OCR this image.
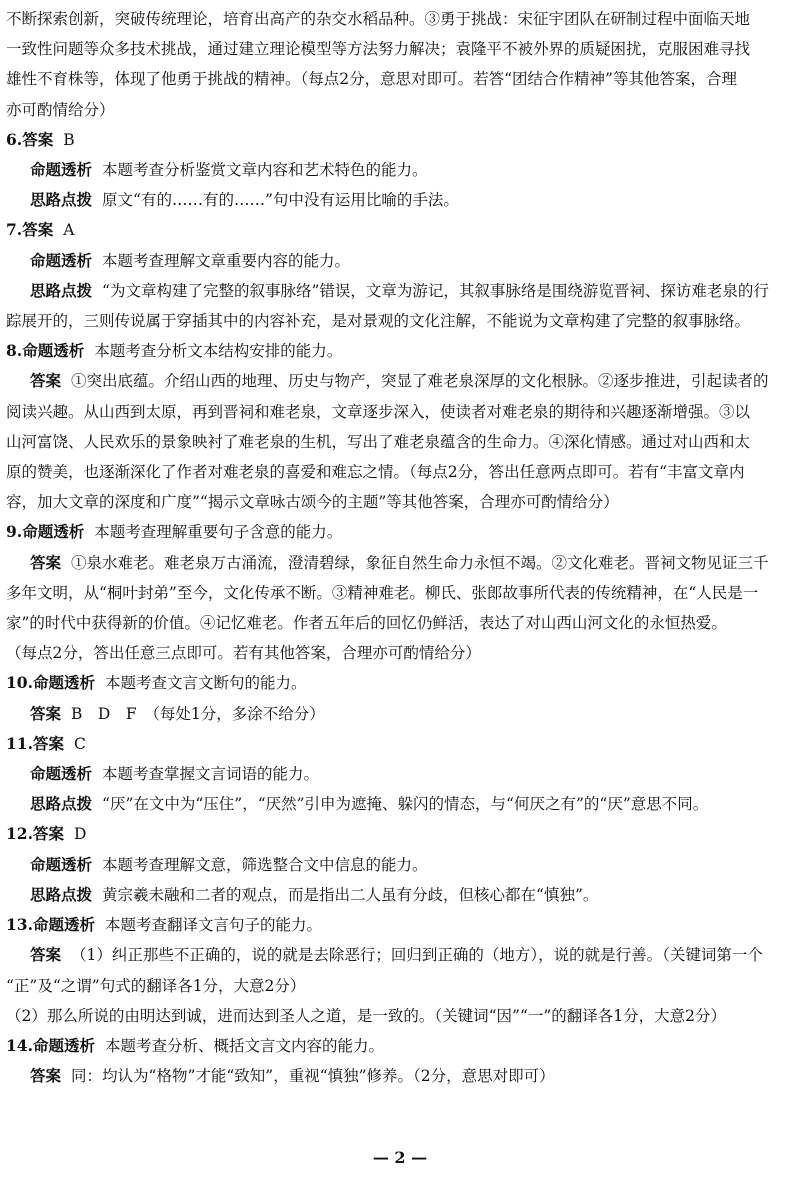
不断探索创新，突破传统理论，培育出高产的杂交水稻品种。③勇于挑战：宋征宇团队在研制过程中面临天地
一致性问题等众多技术挑战，通过建立理论模型等方法努力解决；袁隆平不被外界的质疑困扰，克服困难寻找
雄性不育株等，体现了他勇于挑战的精神。（每点2分，意思对即可。若答“团结合作精神”等其他答案，合理
亦可酌情给分）
6.答案 B
命题透析 本题考查分析鉴赏文章内容和艺术特色的能力。
思路点拨 原文“有的……有的……”句中没有运用比喻的手法。
7.答案 A
命题透析 本题考查理解文章重要内容的能力。
思路点拨 “为文章构建了完整的叙事脉络”错误，文章为游记，其叙事脉络是围绕游览晋祠、探访难老泉的行
踪展开的，三则传说属于穿插其中的内容补充，是对景观的文化注解，不能说为文章构建了完整的叙事脉络。
8.命题透析 本题考查分析文本结构安排的能力。
答案 ①突出底蕴。介绍山西的地理、历史与物产，突显了难老泉深厚的文化根脉。②逐步推进，引起读者的
阅读兴趣。从山西到太原，再到晋祠和难老泉，文章逐步深入，使读者对难老泉的期待和兴趣逐渐增强。③以
山河富饶、人民欢乐的景象映衬了难老泉的生机，写出了难老泉蕴含的生命力。④深化情感。通过对山西和太
原的赞美，也逐渐深化了作者对难老泉的喜爱和难忘之情。（每点2分，答出任意两点即可。若有“丰富文章内
容，加大文章的深度和广度”“揭示文章咏古颂今的主题”等其他答案，合理亦可酌情给分）
9.命题透析 本题考查理解重要句子含意的能力。
答案 ①泉水难老。难老泉万古涌流，澄清碧绿，象征自然生命力永恒不竭。②文化难老。晋祠文物见证三千
多年文明，从“桐叶封弟”至今，文化传承不断。③精神难老。柳氏、张郎故事所代表的传统精神，在“人民是一
家”的时代中获得新的价值。④记忆难老。作者五年后的回忆仍鲜活，表达了对山西山河文化的永恒热爱。
（每点2分，答出任意三点即可。若有其他答案，合理亦可酌情给分）
10.命题透析 本题考查文言文断句的能力。
答案 B　D　F　（每处1分，多涂不给分）
11.答案 C
命题透析 本题考查掌握文言词语的能力。
思路点拨 “厌”在文中为“压住”，“厌然”引申为遮掩、躲闪的情态，与“何厌之有”的“厌”意思不同。
12.答案 D
命题透析 本题考查理解文意，筛选整合文中信息的能力。
思路点拨 黄宗羲未融和二者的观点，而是指出二人虽有分歧，但核心都在“慎独”。
13.命题透析 本题考查翻译文言句子的能力。
答案 （1）纠正那些不正确的，说的就是去除恶行；回归到正确的（地方），说的就是行善。（关键词第一个
“正”及“之谓”句式的翻译各1分，大意2分）
（2）那么所说的由明达到诚，进而达到圣人之道，是一致的。（关键词“因”“一”的翻译各1分，大意2分）
14.命题透析 本题考查分析、概括文言文内容的能力。
答案 同：均认为“格物”才能“致知”，重视“慎独”修养。（2分，意思对即可）
— 2 —
